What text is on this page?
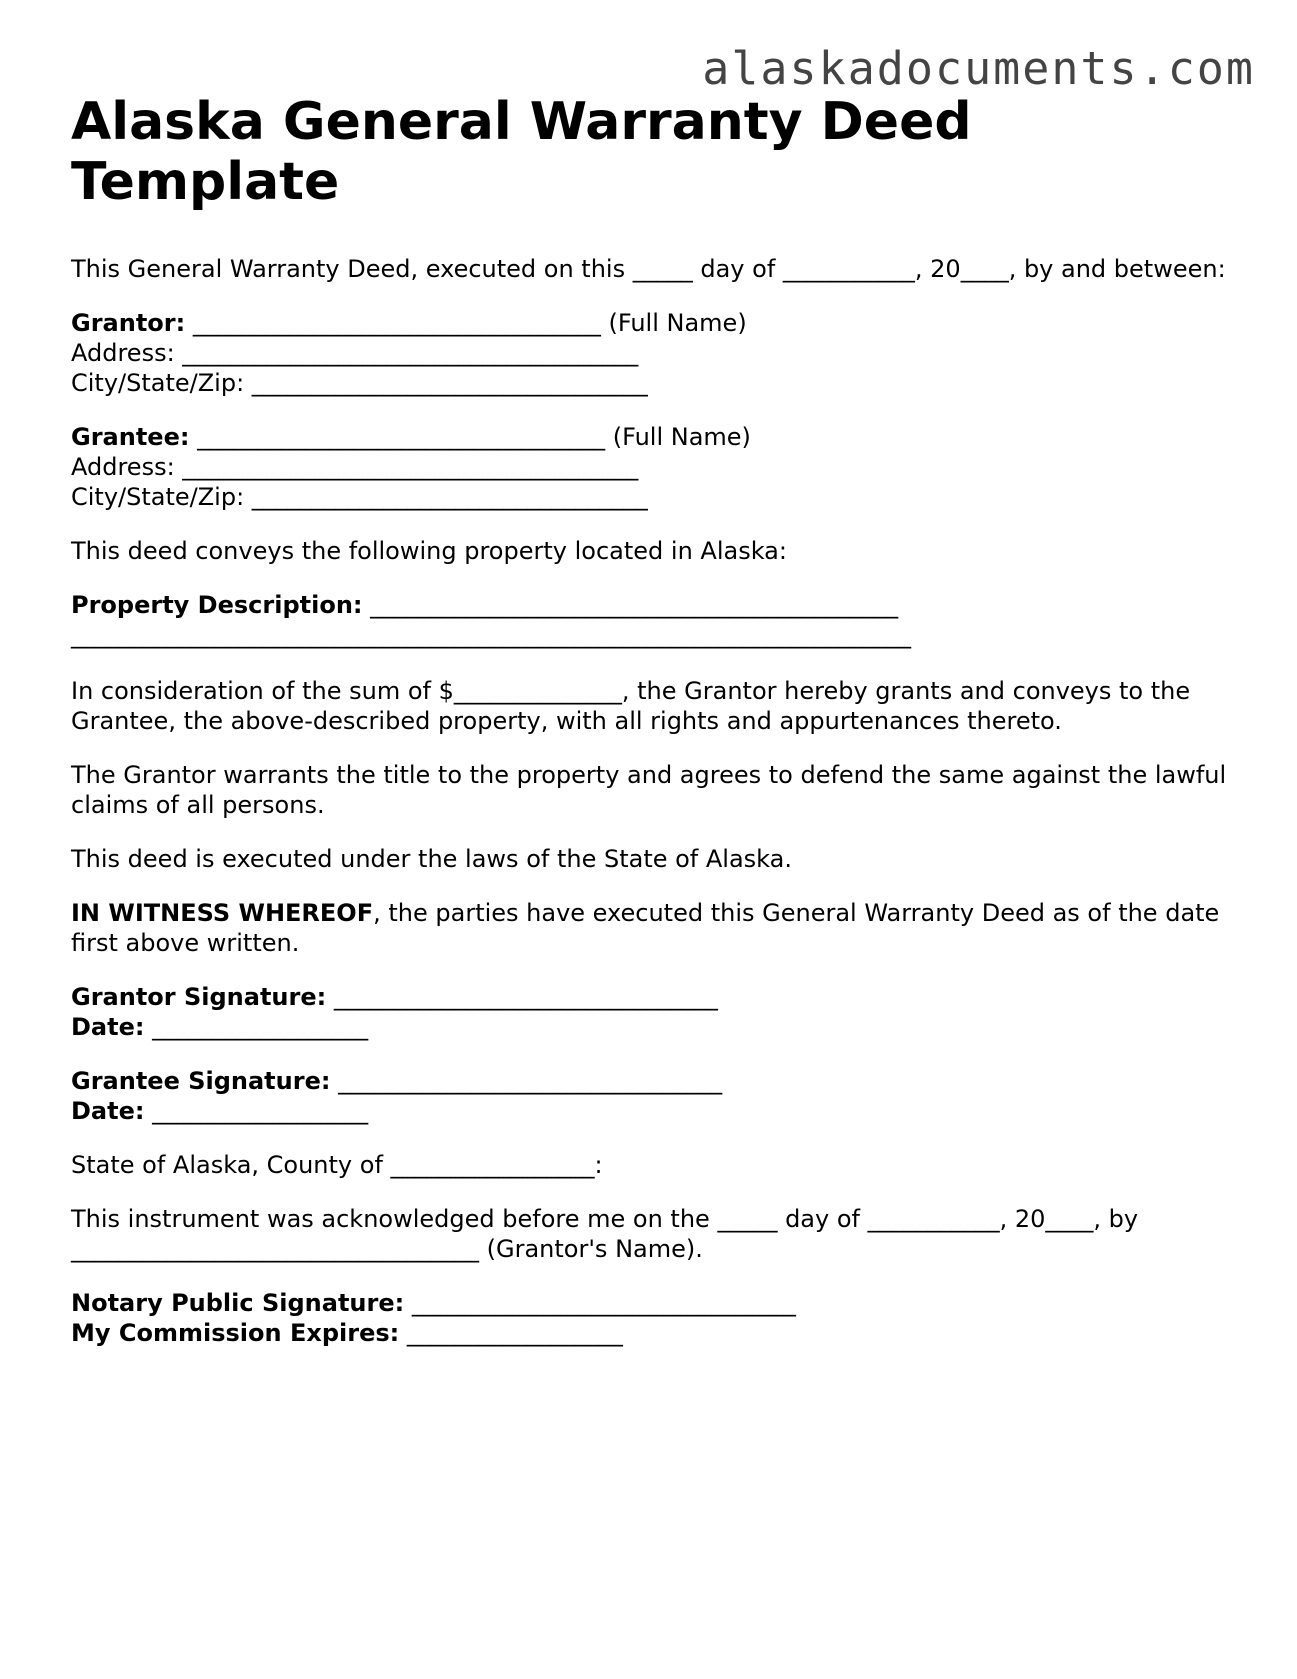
alaskadocuments.com
Alaska General Warranty Deed Template

This General Warranty Deed, executed on this _____ day of ___________, 20____, by and between:

Grantor: __________________________________ (Full Name)

Address: ______________________________________

City/State/Zip: _________________________________

Grantee: __________________________________ (Full Name)

Address: ______________________________________

City/State/Zip: _________________________________

This deed conveys the following property located in Alaska:

Property Description: ____________________________________________

______________________________________________________________________

In consideration of the sum of $______________, the Grantor hereby grants and conveys to the Grantee, the above-described property, with all rights and appurtenances thereto.

The Grantor warrants the title to the property and agrees to defend the same against the lawful claims of all persons.

This deed is executed under the laws of the State of Alaska.

IN WITNESS WHEREOF, the parties have executed this General Warranty Deed as of the date first above written.

Grantor Signature: ________________________________

Date: __________________

Grantee Signature: ________________________________

Date: __________________

State of Alaska, County of _________________:

This instrument was acknowledged before me on the _____ day of ___________, 20____, by __________________________________ (Grantor's Name).

Notary Public Signature: ________________________________

My Commission Expires: __________________
